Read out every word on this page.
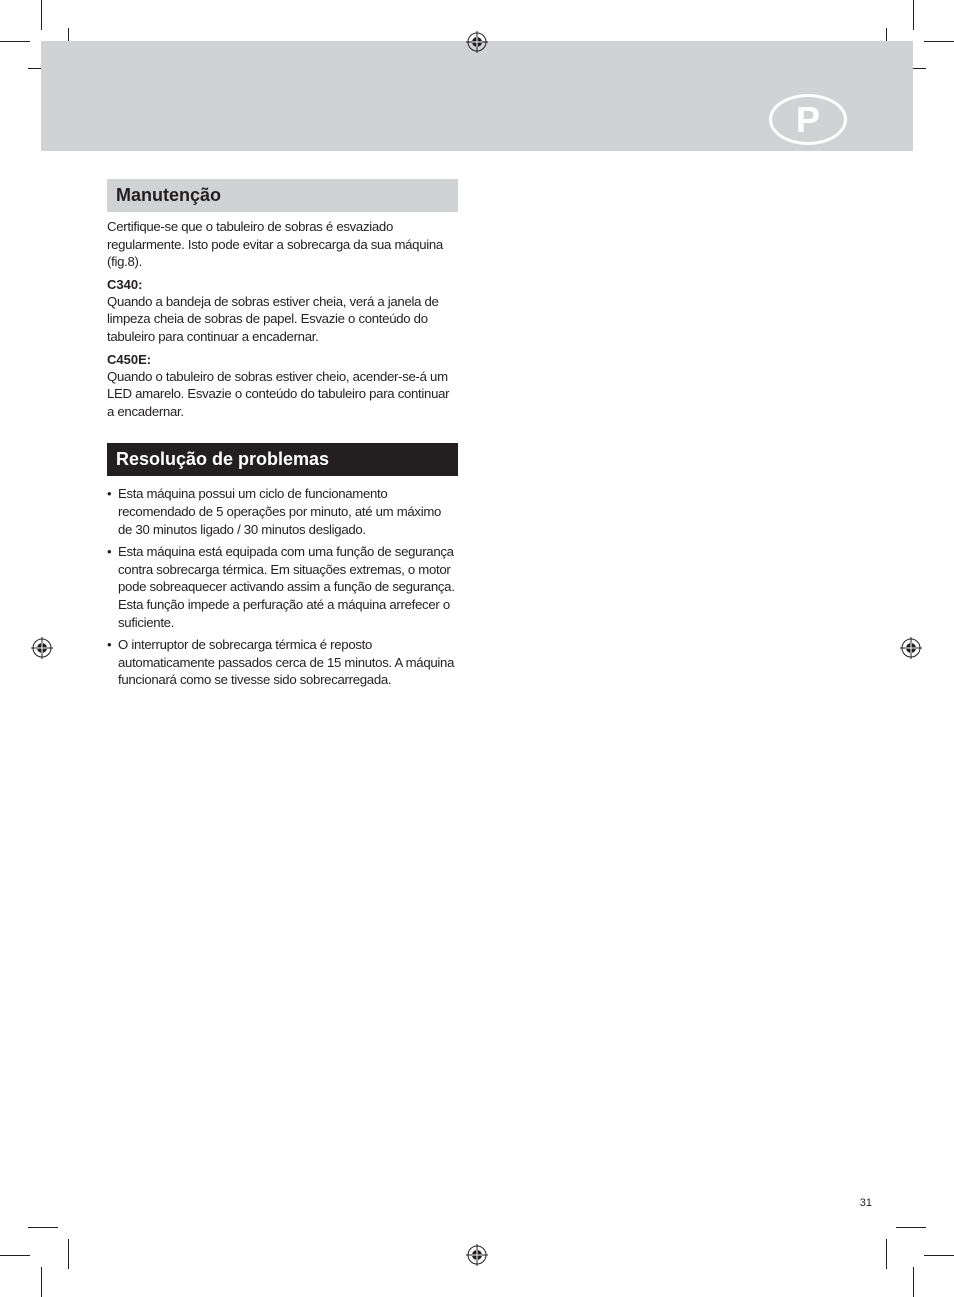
P
Manutenção

Certifique-se que o tabuleiro de sobras é esvaziado regularmente. Isto pode evitar a sobrecarga da sua máquina (fig.8).

C340:

Quando a bandeja de sobras estiver cheia, verá a janela de limpeza cheia de sobras de papel. Esvazie o conteúdo do tabuleiro para continuar a encadernar.

C450E:

Quando o tabuleiro de sobras estiver cheio, acender-se-á um LED amarelo. Esvazie o conteúdo do tabuleiro para continuar a encadernar.

Resolução de problemas
• Esta máquina possui um ciclo de funcionamento recomendado de 5 operações por minuto, até um máximo de 30 minutos ligado / 30 minutos desligado.
• Esta máquina está equipada com uma função de segurança contra sobrecarga térmica. Em situações extremas, o motor pode sobreaquecer activando assim a função de segurança. Esta função impede a perfuração até a máquina arrefecer o suficiente.
• O interruptor de sobrecarga térmica é reposto automaticamente passados cerca de 15 minutos. A máquina funcionará como se tivesse sido sobrecarregada.
31
